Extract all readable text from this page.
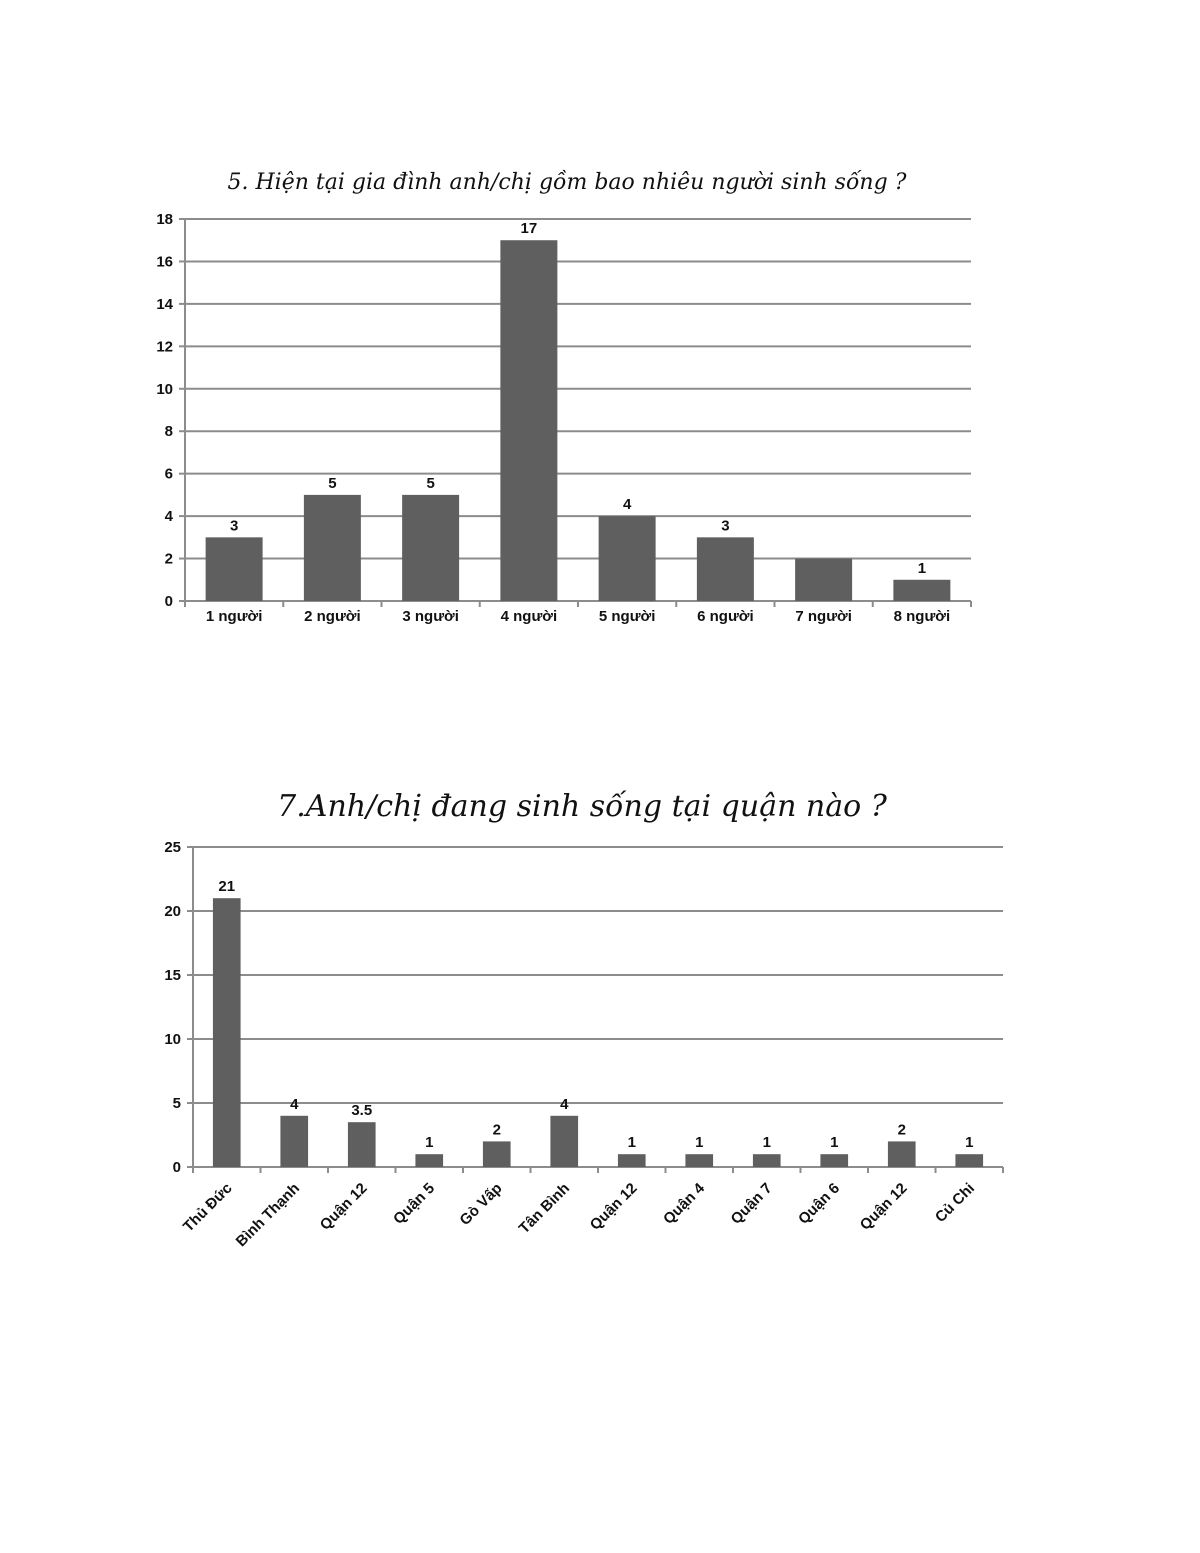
5. Hiện tại gia đình anh/chị gồm bao nhiêu người sinh sống ?
7.Anh/chị đang sinh sống tại quận nào ?
0
2
4
6
8
10
12
14
16
18
3
1 người
5
2 người
5
3 người
17
4 người
4
5 người
3
6 người	7 người
1
8 người
0
5
10
15
20
25
21
Thủ Đức
4
Bình Thạnh
3.5
Quận 12
1
Quận 5
2
Gò Vấp
4
Tân Bình
1
Quận 12
1
Quận 4
1
Quận 7
1
Quận 6
2
Quận 12
1
Củ Chi
